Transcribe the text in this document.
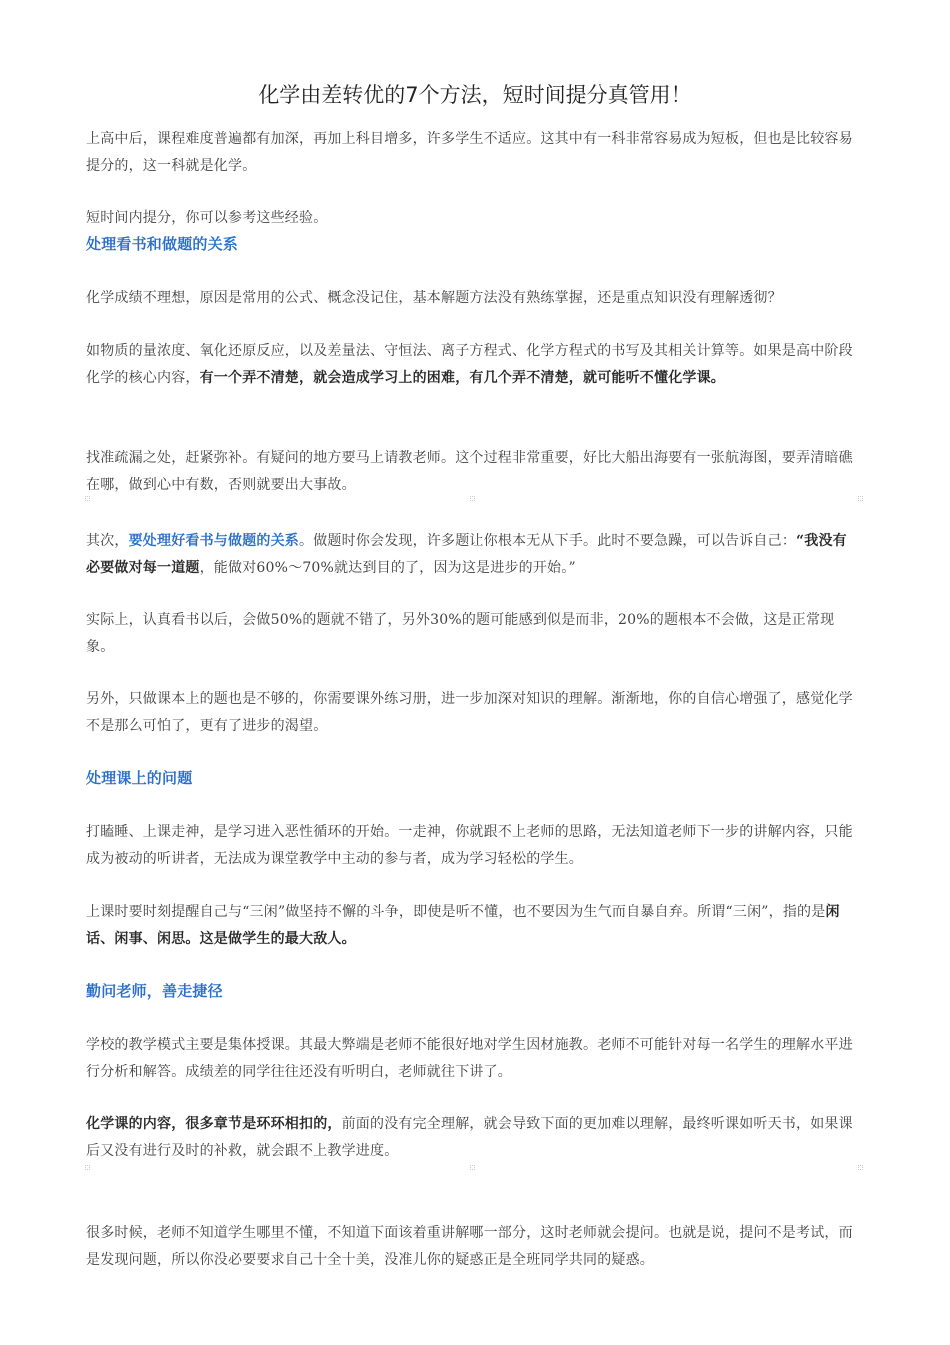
化学由差转优的7个方法，短时间提分真管用！

上高中后，课程难度普遍都有加深，再加上科目增多，许多学生不适应。这其中有一科非常容易成为短板，但也是比较容易提分的，这一科就是化学。

短时间内提分，你可以参考这些经验。

处理看书和做题的关系

化学成绩不理想，原因是常用的公式、概念没记住，基本解题方法没有熟练掌握，还是重点知识没有理解透彻？

如物质的量浓度、氧化还原反应，以及差量法、守恒法、离子方程式、化学方程式的书写及其相关计算等。如果是高中阶段化学的核心内容，有一个弄不清楚，就会造成学习上的困难，有几个弄不清楚，就可能听不懂化学课。

找准疏漏之处，赶紧弥补。有疑问的地方要马上请教老师。这个过程非常重要，好比大船出海要有一张航海图，要弄清暗礁在哪，做到心中有数，否则就要出大事故。

其次，要处理好看书与做题的关系。做题时你会发现，许多题让你根本无从下手。此时不要急躁，可以告诉自己：“我没有必要做对每一道题，能做对60%～70%就达到目的了，因为这是进步的开始。”

实际上，认真看书以后，会做50%的题就不错了，另外30%的题可能感到似是而非，20%的题根本不会做，这是正常现象。

另外，只做课本上的题也是不够的，你需要课外练习册，进一步加深对知识的理解。渐渐地，你的自信心增强了，感觉化学不是那么可怕了，更有了进步的渴望。

处理课上的问题

打瞌睡、上课走神，是学习进入恶性循环的开始。一走神，你就跟不上老师的思路，无法知道老师下一步的讲解内容，只能成为被动的听讲者，无法成为课堂教学中主动的参与者，成为学习轻松的学生。

上课时要时刻提醒自己与“三闲”做坚持不懈的斗争，即使是听不懂，也不要因为生气而自暴自弃。所谓“三闲”，指的是闲话、闲事、闲思。这是做学生的最大敌人。

勤问老师，善走捷径

学校的教学模式主要是集体授课。其最大弊端是老师不能很好地对学生因材施教。老师不可能针对每一名学生的理解水平进行分析和解答。成绩差的同学往往还没有听明白，老师就往下讲了。

化学课的内容，很多章节是环环相扣的，前面的没有完全理解，就会导致下面的更加难以理解，最终听课如听天书，如果课后又没有进行及时的补救，就会跟不上教学进度。

很多时候，老师不知道学生哪里不懂，不知道下面该着重讲解哪一部分，这时老师就会提问。也就是说，提问不是考试，而是发现问题，所以你没必要要求自己十全十美，没准儿你的疑惑正是全班同学共同的疑惑。
